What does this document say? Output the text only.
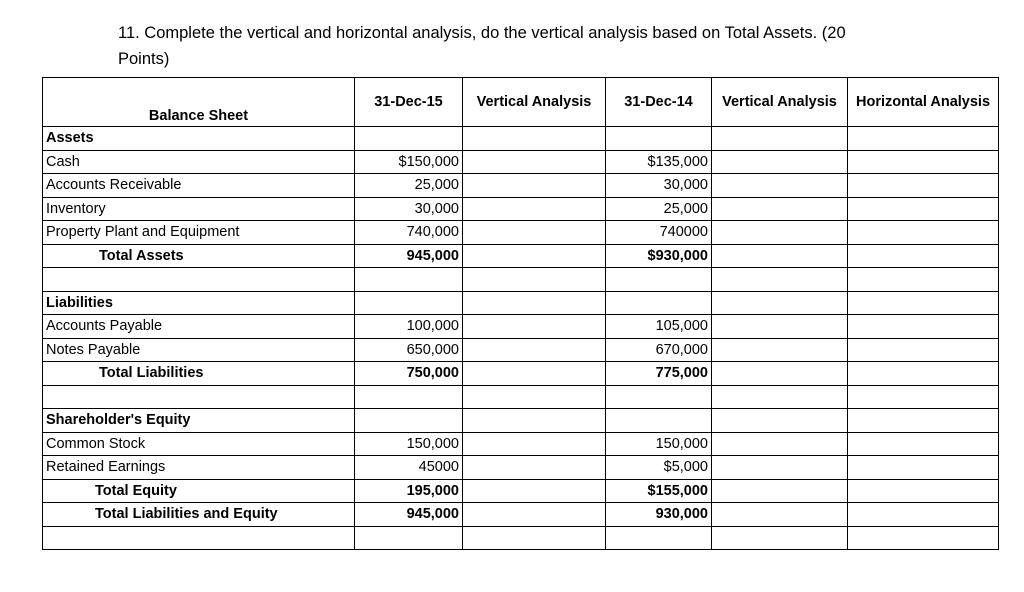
11. Complete the vertical and horizontal analysis, do the vertical analysis based on Total Assets. (20
Points)
Balance Sheet	31-Dec-15	Vertical Analysis	31-Dec-14	Vertical Analysis	Horizontal Analysis
Assets					
Cash	$150,000		$135,000		
Accounts Receivable	25,000		30,000		
Inventory	30,000		25,000		
Property Plant and Equipment	740,000		740000		
Total Assets	945,000		$930,000		

Liabilities					
Accounts Payable	100,000		105,000		
Notes Payable	650,000		670,000		
Total Liabilities	750,000		775,000		

Shareholder's Equity					
Common Stock	150,000		150,000		
Retained Earnings	45000		$5,000		
Total Equity	195,000		$155,000		
Total Liabilities and Equity	945,000		930,000		
